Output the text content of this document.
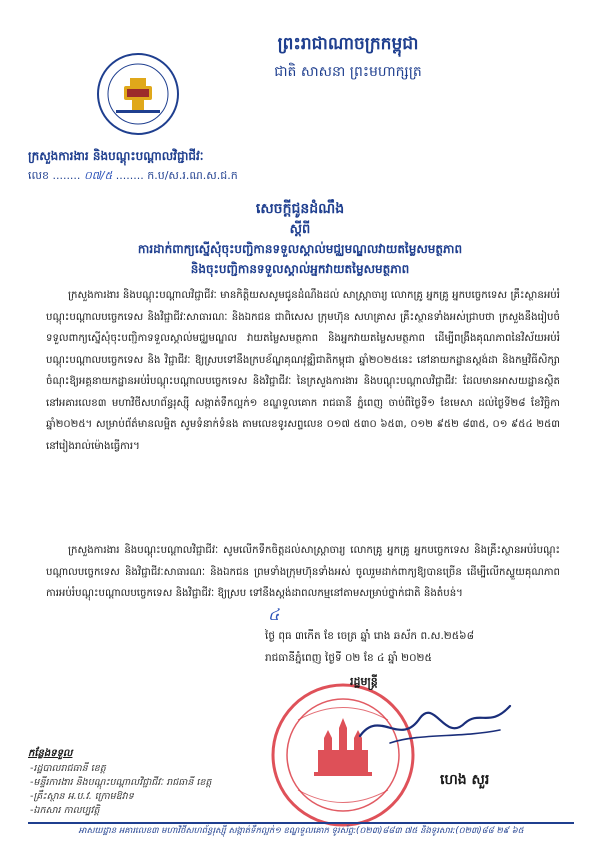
ព្រះរាជាណាចក្រកម្ពុជា
ជាតិ សាសនា ព្រះមហាក្សត្រ
ក្រសួងការងារ និងបណ្តុះបណ្តាលវិជ្ជាជីវៈ
លេខ ........ ០៧/៥ ........ ក.ប/ស.រ.ណ.ស.ជ.ក
សេចក្តីជូនដំណឹង
ស្តីពី
ការដាក់ពាក្យស្នើសុំចុះបញ្ជិកានទទួលស្គាល់មជ្ឈមណ្ឌលវាយតម្លៃសមត្ថភាព
និងចុះបញ្ជិកានទទួលស្គាល់អ្នកវាយតម្លៃសមត្ថភាព

ក្រសួងការងារ និងបណ្តុះបណ្តាលវិជ្ជាជីវៈ មានកិត្តិយសសូមជូនដំណឹងដល់ សាស្ត្រាចារ្យ លោកគ្រូ អ្នកគ្រូ អ្នកបច្ចេកទេស គ្រឹះស្ថានអប់រំបណ្តុះបណ្តាលបច្ចេកទេស និងវិជ្ជាជីវៈសាធារណៈ និងឯកជន ជាពិសេស ក្រុមហ៊ុន សហគ្រាស គ្រឹះស្ថានទាំងអស់ជ្រាបថា ក្រសួងនឹងរៀបចំទទួលពាក្យស្នើសុំចុះបញ្ជិកាទទួលស្គាល់មជ្ឈមណ្ឌល វាយតម្លៃសមត្ថភាព និងអ្នកវាយតម្លៃសមត្ថភាព ដើម្បីពង្រឹងគុណភាពនៃវិស័យអប់រំបណ្តុះបណ្តាលបច្ចេកទេស និង វិជ្ជាជីវៈ ឱ្យស្របទៅនឹងក្របខ័ណ្ឌគុណវុឌ្ឍិជាតិកម្ពុជា ឆ្នាំ២០២៥នេះ នៅនាយកដ្ឋានស្តង់ដា និងកម្មវិធីសិក្សា ចំណុះឱ្យអគ្គនាយកដ្ឋានអប់រំបណ្តុះបណ្តាលបច្ចេកទេស និងវិជ្ជាជីវៈ នៃក្រសួងការងារ និងបណ្តុះបណ្តាលវិជ្ជាជីវៈ ដែលមានអាសយដ្ឋានស្ថិតនៅអគារលេខ៣ មហាវិថីសហព័ន្ធរុស្ស៊ី សង្កាត់ទឹកល្អក់១ ខណ្ឌទួលគោក រាជធានី ភ្នំពេញ ចាប់ពីថ្ងៃទី១ ខែមេសា ដល់ថ្ងៃទី២៨ ខែវិច្ឆិកា ឆ្នាំ២០២៥។ សម្រាប់ព័ត៌មានលម្អិត សូមទំនាក់ទំនង តាមលេខទូរសព្ទលេខ ០១៧ ៥៣០ ៦៥៣, ០១២ ៩៥២ ៨៣៥, ០១ ៩៥៤ ២៥៣ នៅរៀងរាល់ម៉ោងធ្វើការ។

ក្រសួងការងារ និងបណ្តុះបណ្តាលវិជ្ជាជីវៈ សូមលើកទឹកចិត្តដល់សាស្ត្រាចារ្យ លោកគ្រូ អ្នកគ្រូ អ្នកបច្ចេកទេស និងគ្រឹះស្ថានអប់រំបណ្តុះបណ្តាលបច្ចេកទេស និងវិជ្ជាជីវៈសាធារណៈ និងឯកជន ព្រមទាំងក្រុមហ៊ុនទាំងអស់ ចូលរួមដាក់ពាក្យឱ្យបានច្រើន ដើម្បីលើកស្ទួយគុណភាពការអប់រំបណ្តុះបណ្តាលបច្ចេកទេស និងវិជ្ជាជីវៈ ឱ្យស្រប ទៅនឹងស្តង់ដាពលកម្មនៅតាមសម្រាប់ថ្នាក់ជាតិ និងតំបន់។

៤
ថ្ងៃ ពុធ ៣កើត ខែ ចេត្រ ឆ្នាំ រោង ឆស័ក ព.ស.២៥៦៨
រាជធានីភ្នំពេញ ថ្ងៃទី ០២ ខែ ៤ ឆ្នាំ ២០២៥
រដ្ឋមន្ត្រី
ហេង សួរ
កន្លែងទទួល
-រដ្ឋបាលរាជធានី ខេត្ត
-មន្ទីរការងារ និងបណ្តុះបណ្តាលវិជ្ជាជីវៈ រាជធានី ខេត្ត
-គ្រឹះស្ថាន អ.ប.វ. ក្រោមឱវាទ
-ឯកសារ កាលប្បវត្តិ
អាសយដ្ឋាន អគារលេខ៣ មហាវិថីសហព័ន្ធរុស្ស៊ី សង្កាត់ទឹកល្អក់១ ខណ្ឌទួលគោក ទូរស័ព្ទ:(០២៣)៨៨៣ ៧៥ និងទូរសារ:(០២៣)៨៨ ២៩ ៦៥
